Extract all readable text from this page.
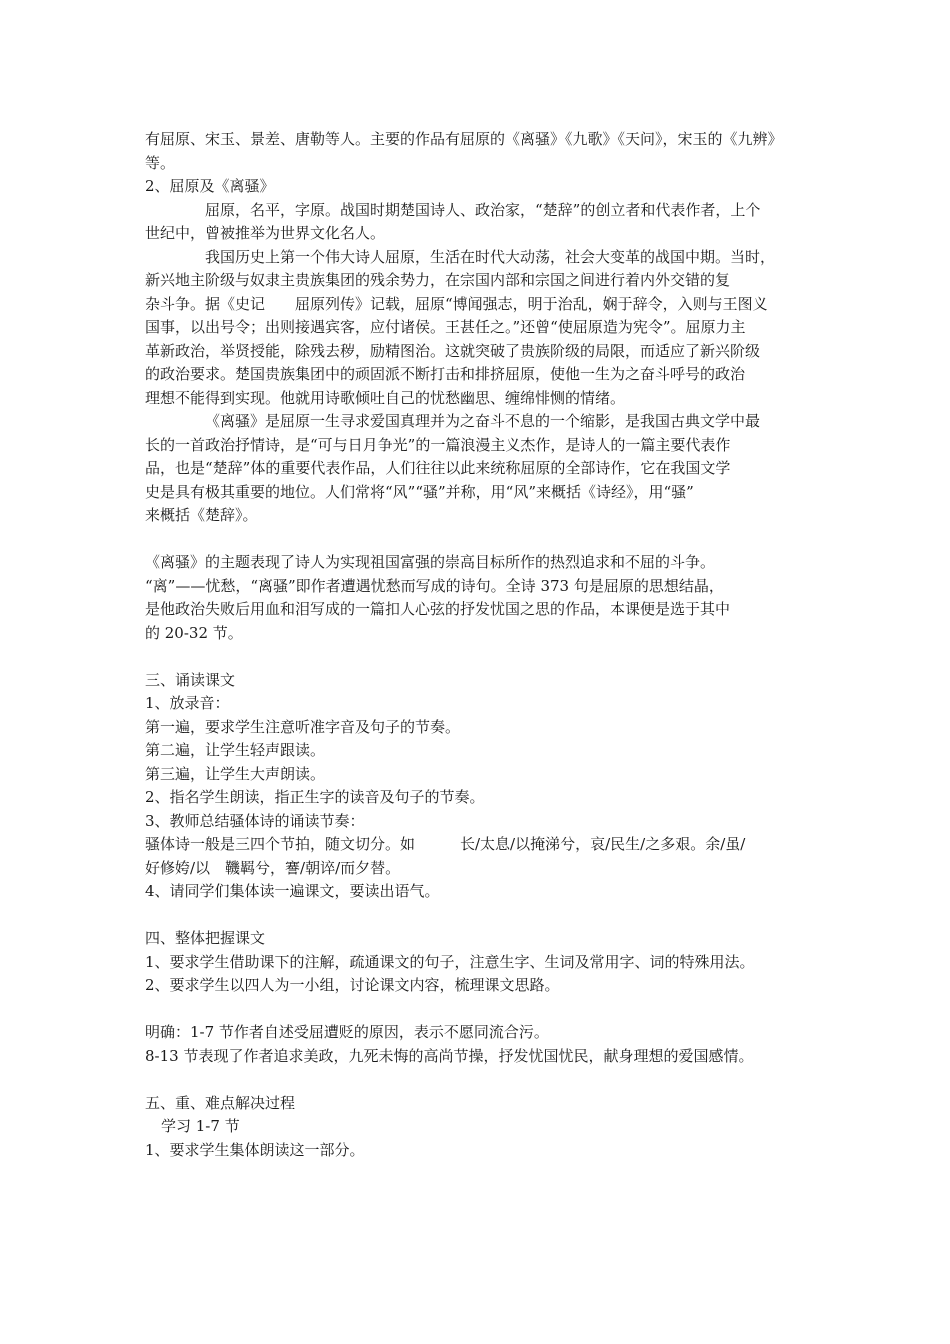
有屈原、宋玉、景差、唐勒等人。主要的作品有屈原的《离骚》《九歌》《天问》，宋玉的《九辨》
等。
2、屈原及《离骚》
屈原，名平，字原。战国时期楚国诗人、政治家，“楚辞”的创立者和代表作者，上个
世纪中，曾被推举为世界文化名人。
我国历史上第一个伟大诗人屈原，生活在时代大动荡，社会大变革的战国中期。当时，
新兴地主阶级与奴隶主贵族集团的残余势力，在宗国内部和宗国之间进行着内外交错的复
杂斗争。据《史记　　屈原列传》记载，屈原“博闻强志，明于治乱，娴于辞令，入则与王图义
国事，以出号令；出则接遇宾客，应付诸侯。王甚任之。”还曾“使屈原造为宪令”。屈原力主
革新政治，举贤授能，除残去秽，励精图治。这就突破了贵族阶级的局限，而适应了新兴阶级
的政治要求。楚国贵族集团中的顽固派不断打击和排挤屈原，使他一生为之奋斗呼号的政治
理想不能得到实现。他就用诗歌倾吐自己的忧愁幽思、缠绵悱恻的情绪。
《离骚》是屈原一生寻求爱国真理并为之奋斗不息的一个缩影，是我国古典文学中最
长的一首政治抒情诗，是“可与日月争光”的一篇浪漫主义杰作，是诗人的一篇主要代表作
品，也是“楚辞”体的重要代表作品，人们往往以此来统称屈原的全部诗作，它在我国文学
史是具有极其重要的地位。人们常将“风”“骚”并称，用“风”来概括《诗经》，用“骚”
来概括《楚辞》。
《离骚》的主题表现了诗人为实现祖国富强的崇高目标所作的热烈追求和不屈的斗争。
“离”——忧愁，“离骚”即作者遭遇忧愁而写成的诗句。全诗 373 句是屈原的思想结晶，
是他政治失败后用血和泪写成的一篇扣人心弦的抒发忧国之思的作品，本课便是选于其中
的 20-32 节。
三、诵读课文
1、放录音：
第一遍，要求学生注意听准字音及句子的节奏。
第二遍，让学生轻声跟读。
第三遍，让学生大声朗读。
2、指名学生朗读，指正生字的读音及句子的节奏。
3、教师总结骚体诗的诵读节奏：
骚体诗一般是三四个节拍，随文切分。如　　　长/太息/以掩涕兮，哀/民生/之多艰。余/虽/
好修姱/以　鞿羁兮，謇/朝谇/而夕替。
4、请同学们集体读一遍课文，要读出语气。
四、整体把握课文
1、要求学生借助课下的注解，疏通课文的句子，注意生字、生词及常用字、词的特殊用法。
2、要求学生以四人为一小组，讨论课文内容，梳理课文思路。
明确：1-7 节作者自述受屈遭贬的原因，表示不愿同流合污。
8-13 节表现了作者追求美政，九死未悔的高尚节操，抒发忧国忧民，献身理想的爱国感情。
五、重、难点解决过程
学习 1-7 节
1、要求学生集体朗读这一部分。
